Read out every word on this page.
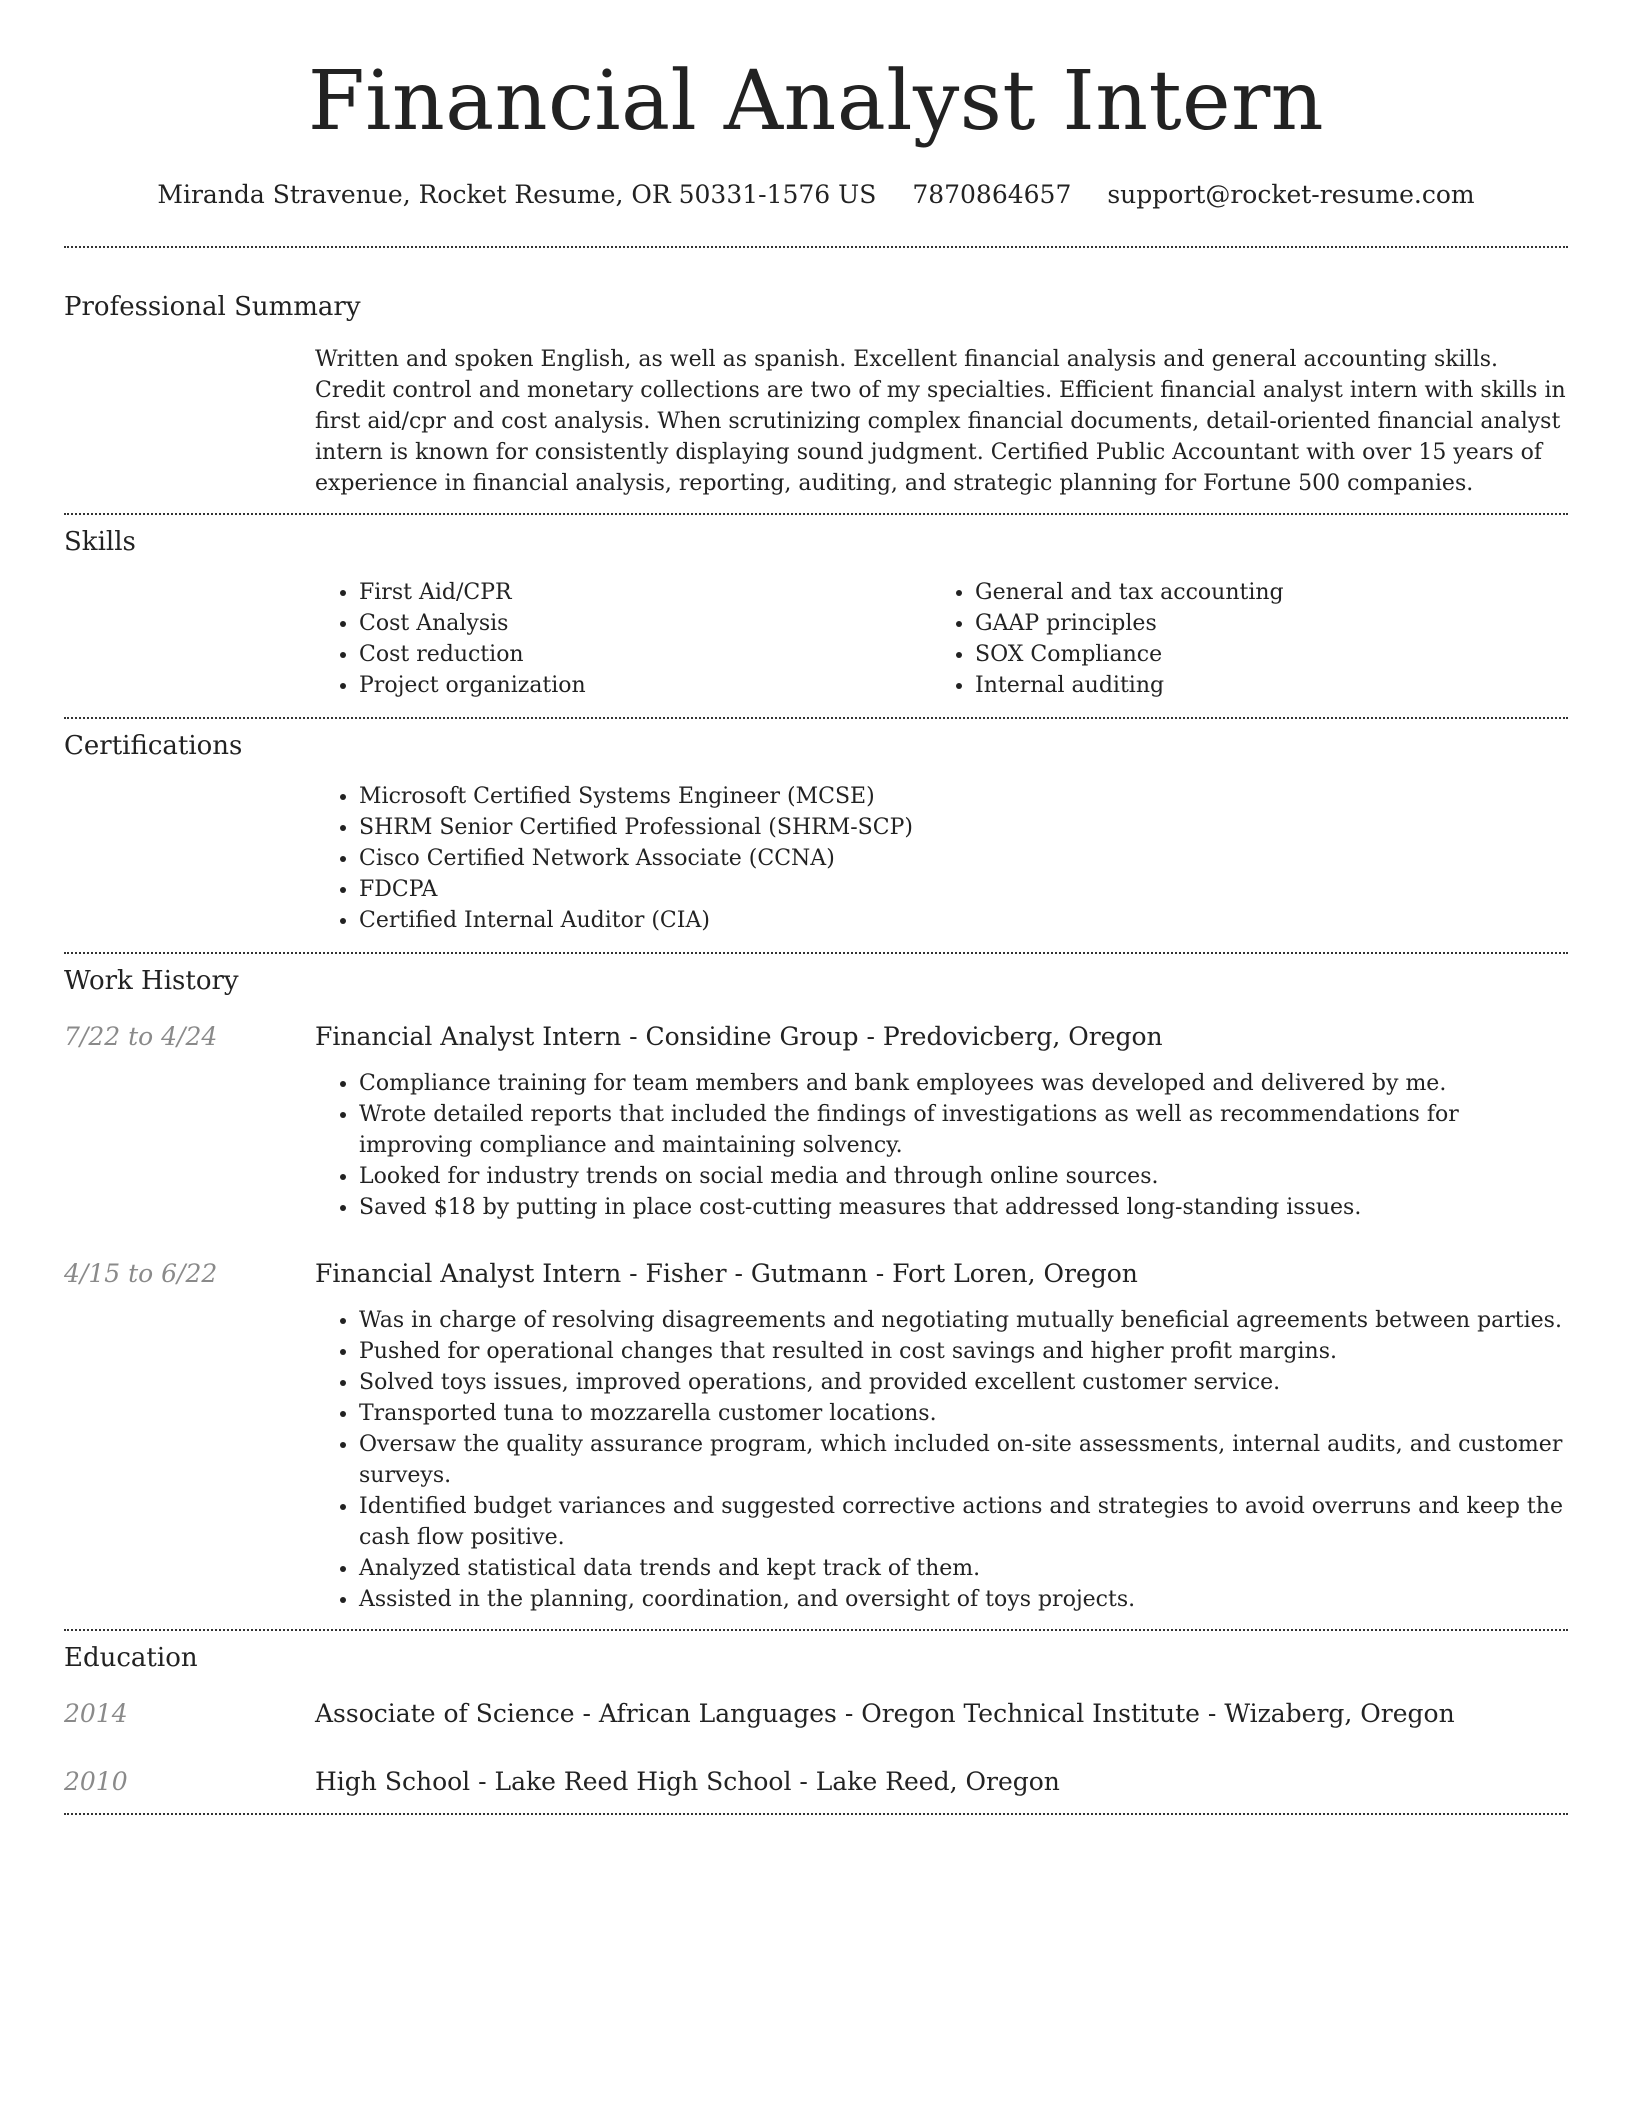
Financial Analyst Intern
Miranda Stravenue, Rocket Resume, OR 50331-1576 US 7870864657 support@rocket-resume.com
Professional Summary
Written and spoken English, as well as spanish. Excellent financial analysis and general accounting skills. Credit control and monetary collections are two of my specialties. Efficient financial analyst intern with skills in first aid/cpr and cost analysis. When scrutinizing complex financial documents, detail-oriented financial analyst intern is known for consistently displaying sound judgment. Certified Public Accountant with over 15 years of experience in financial analysis, reporting, auditing, and strategic planning for Fortune 500 companies.
Skills
• First Aid/CPR
• Cost Analysis
• Cost reduction
• Project organization
• General and tax accounting
• GAAP principles
• SOX Compliance
• Internal auditing
Certifications
• Microsoft Certified Systems Engineer (MCSE)
• SHRM Senior Certified Professional (SHRM-SCP)
• Cisco Certified Network Associate (CCNA)
• FDCPA
• Certified Internal Auditor (CIA)
Work History
7/22 to 4/24	Financial Analyst Intern - Considine Group - Predovicberg, Oregon
• Compliance training for team members and bank employees was developed and delivered by me.
• Wrote detailed reports that included the findings of investigations as well as recommendations for improving compliance and maintaining solvency.
• Looked for industry trends on social media and through online sources.
• Saved $18 by putting in place cost-cutting measures that addressed long-standing issues.
4/15 to 6/22	Financial Analyst Intern - Fisher - Gutmann - Fort Loren, Oregon
• Was in charge of resolving disagreements and negotiating mutually beneficial agreements between parties.
• Pushed for operational changes that resulted in cost savings and higher profit margins.
• Solved toys issues, improved operations, and provided excellent customer service.
• Transported tuna to mozzarella customer locations.
• Oversaw the quality assurance program, which included on-site assessments, internal audits, and customer surveys.
• Identified budget variances and suggested corrective actions and strategies to avoid overruns and keep the cash flow positive.
• Analyzed statistical data trends and kept track of them.
• Assisted in the planning, coordination, and oversight of toys projects.
Education
2014	Associate of Science - African Languages - Oregon Technical Institute - Wizaberg, Oregon
2010	High School - Lake Reed High School - Lake Reed, Oregon
